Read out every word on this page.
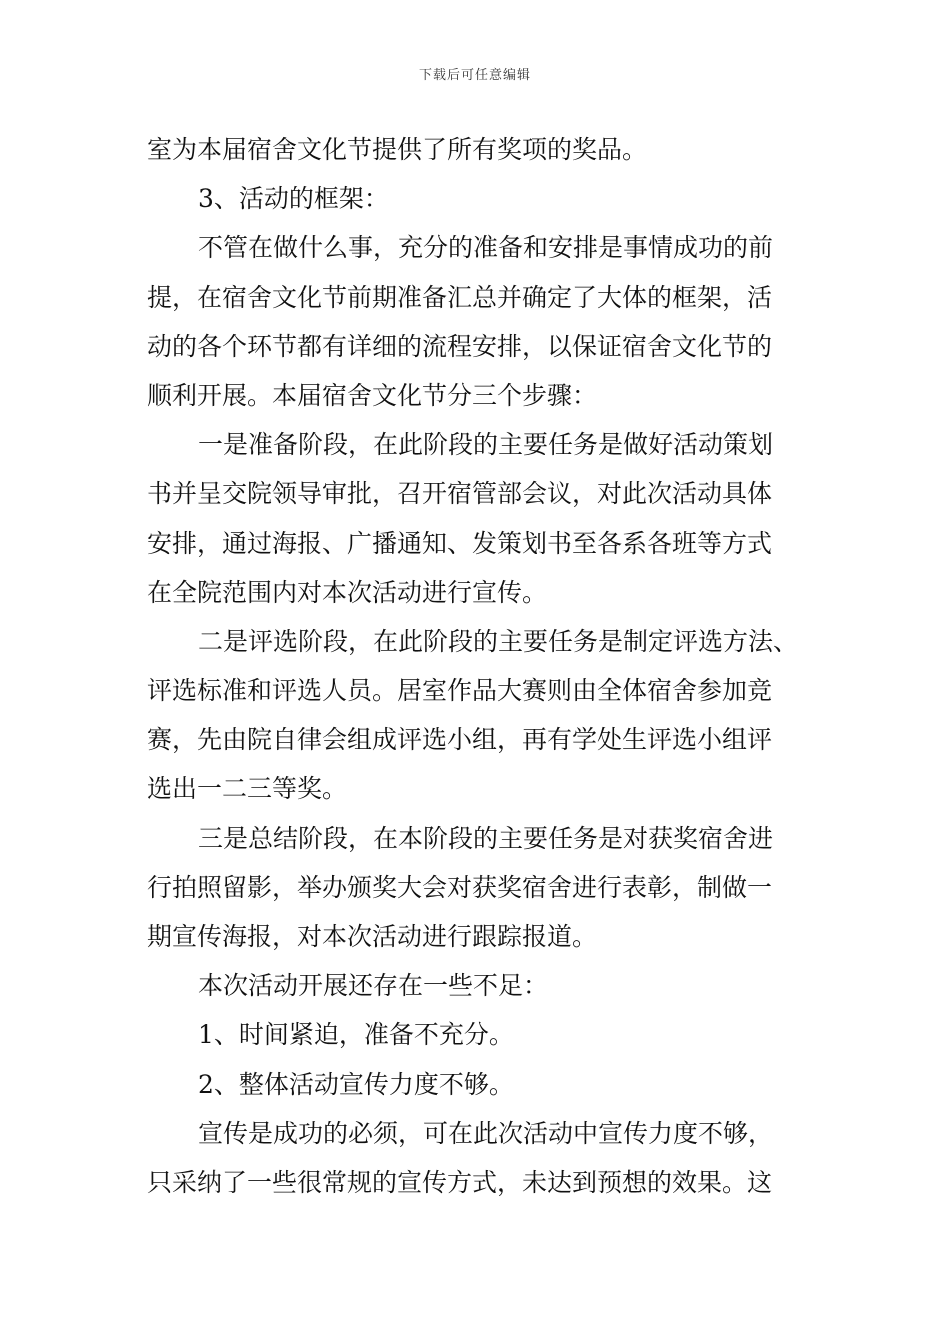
下载后可任意编辑
室为本届宿舍文化节提供了所有奖项的奖品。
3、活动的框架：
不管在做什么事，充分的准备和安排是事情成功的前
提，在宿舍文化节前期准备汇总并确定了大体的框架，活
动的各个环节都有详细的流程安排，以保证宿舍文化节的
顺利开展。本届宿舍文化节分三个步骤：
一是准备阶段，在此阶段的主要任务是做好活动策划
书并呈交院领导审批，召开宿管部会议，对此次活动具体
安排，通过海报、广播通知、发策划书至各系各班等方式
在全院范围内对本次活动进行宣传。
二是评选阶段，在此阶段的主要任务是制定评选方法、
评选标准和评选人员。居室作品大赛则由全体宿舍参加竞
赛，先由院自律会组成评选小组，再有学处生评选小组评
选出一二三等奖。
三是总结阶段，在本阶段的主要任务是对获奖宿舍进
行拍照留影，举办颁奖大会对获奖宿舍进行表彰，制做一
期宣传海报，对本次活动进行跟踪报道。
本次活动开展还存在一些不足：
1、时间紧迫，准备不充分。
2、整体活动宣传力度不够。
宣传是成功的必须，可在此次活动中宣传力度不够，
只采纳了一些很常规的宣传方式，未达到预想的效果。这
